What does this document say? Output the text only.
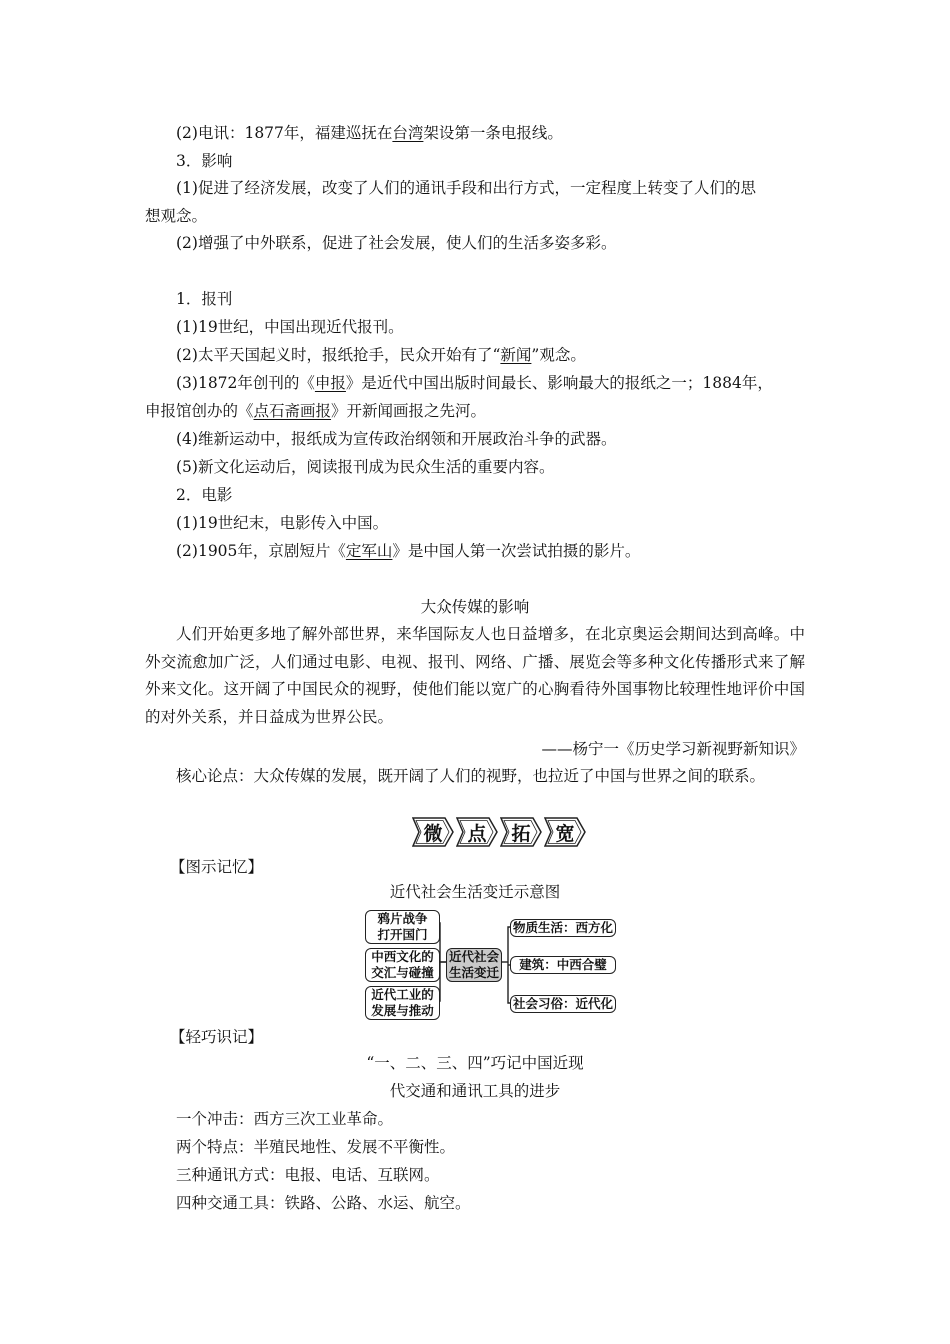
(2)电讯：1877年，福建巡抚在台湾架设第一条电报线。
3．影响
(1)促进了经济发展，改变了人们的通讯手段和出行方式，一定程度上转变了人们的思
想观念。
(2)增强了中外联系，促进了社会发展，使人们的生活多姿多彩。
1．报刊
(1)19世纪，中国出现近代报刊。
(2)太平天国起义时，报纸抢手，民众开始有了“新闻”观念。
(3)1872年创刊的《申报》是近代中国出版时间最长、影响最大的报纸之一；1884年，
申报馆创办的《点石斋画报》开新闻画报之先河。
(4)维新运动中，报纸成为宣传政治纲领和开展政治斗争的武器。
(5)新文化运动后，阅读报刊成为民众生活的重要内容。
2．电影
(1)19世纪末，电影传入中国。
(2)1905年，京剧短片《定军山》是中国人第一次尝试拍摄的影片。
大众传媒的影响
人们开始更多地了解外部世界，来华国际友人也日益增多，在北京奥运会期间达到高峰。中外交流愈加广泛，人们通过电影、电视、报刊、网络、广播、展览会等多种文化传播形式来了解外来文化。这开阔了中国民众的视野，使他们能以宽广的心胸看待外国事物比较理性地评价中国的对外关系，并日益成为世界公民。
——杨宁一《历史学习新视野新知识》
核心论点：大众传媒的发展，既开阔了人们的视野，也拉近了中国与世界之间的联系。
微 点 拓 宽
【图示记忆】
近代社会生活变迁示意图
鸦片战争
打开国门
中西文化的
交汇与碰撞
近代工业的
发展与推动
近代社会
生活变迁
物质生活：西方化
建筑：中西合璧
社会习俗：近代化
【轻巧识记】
“一、二、三、四”巧记中国近现
代交通和通讯工具的进步
一个冲击：西方三次工业革命。
两个特点：半殖民地性、发展不平衡性。
三种通讯方式：电报、电话、互联网。
四种交通工具：铁路、公路、水运、航空。
